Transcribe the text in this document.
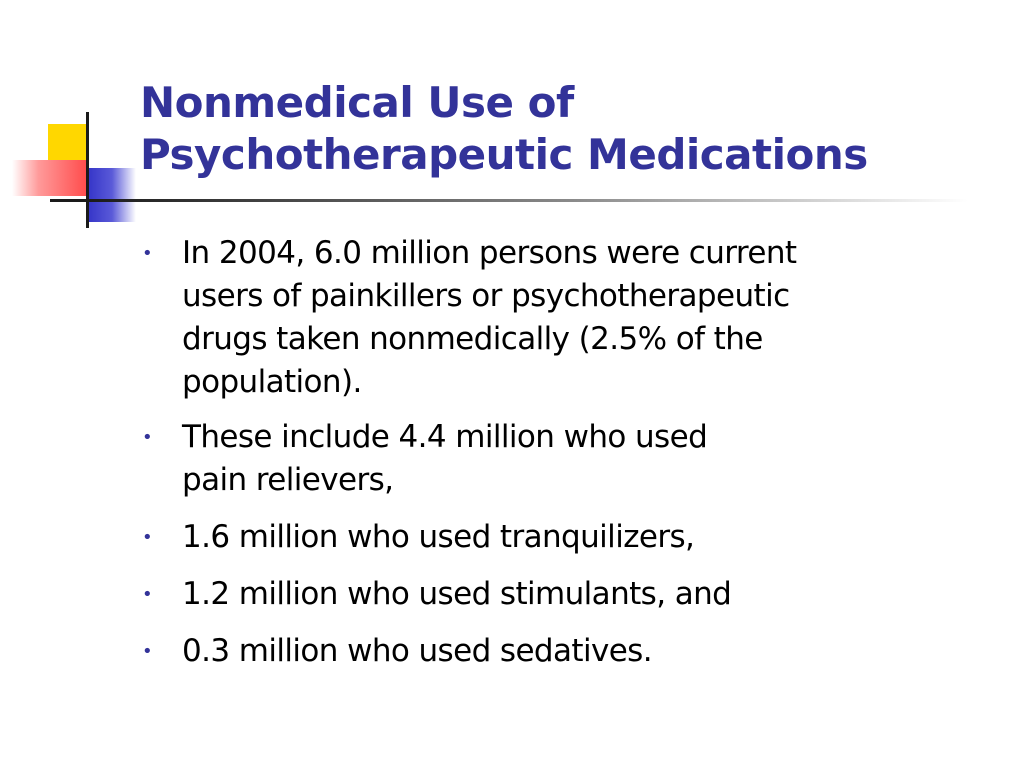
Nonmedical Use of
Psychotherapeutic Medications
• In 2004, 6.0 million persons were current
users of painkillers or psychotherapeutic
drugs taken nonmedically (2.5% of the
population).
• These include 4.4 million who used
pain relievers,
• 1.6 million who used tranquilizers,
• 1.2 million who used stimulants, and
• 0.3 million who used sedatives.
